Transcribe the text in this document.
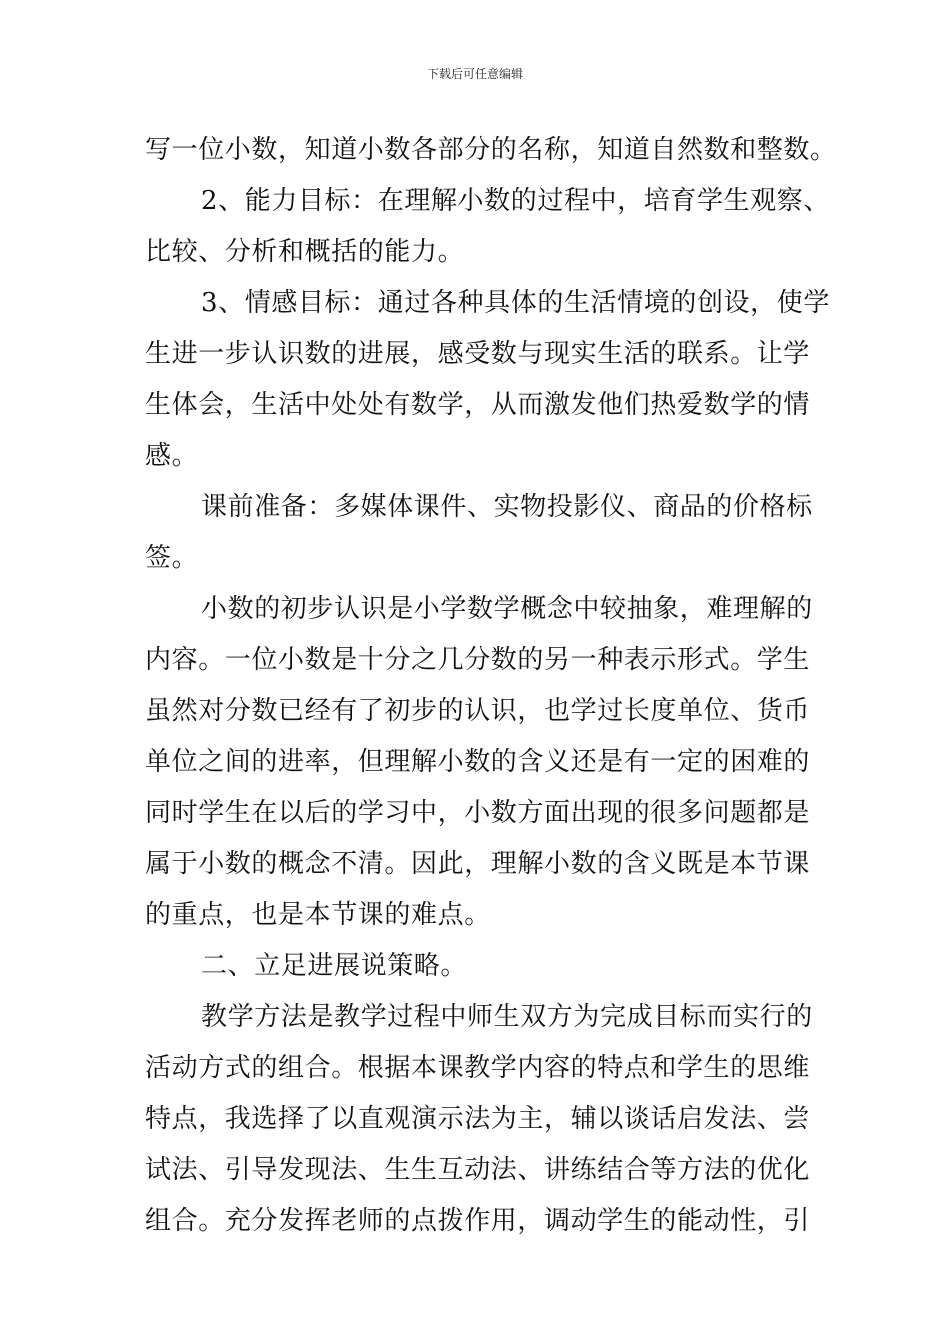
下载后可任意编辑
写一位小数，知道小数各部分的名称，知道自然数和整数。
2、能力目标：在理解小数的过程中，培育学生观察、
比较、分析和概括的能力。
3、情感目标：通过各种具体的生活情境的创设，使学
生进一步认识数的进展，感受数与现实生活的联系。让学
生体会，生活中处处有数学，从而激发他们热爱数学的情
感。
课前准备：多媒体课件、实物投影仪、商品的价格标
签。
小数的初步认识是小学数学概念中较抽象，难理解的
内容。一位小数是十分之几分数的另一种表示形式。学生
虽然对分数已经有了初步的认识，也学过长度单位、货币
单位之间的进率，但理解小数的含义还是有一定的困难的
同时学生在以后的学习中，小数方面出现的很多问题都是
属于小数的概念不清。因此，理解小数的含义既是本节课
的重点，也是本节课的难点。
二、立足进展说策略。
教学方法是教学过程中师生双方为完成目标而实行的
活动方式的组合。根据本课教学内容的特点和学生的思维
特点，我选择了以直观演示法为主，辅以谈话启发法、尝
试法、引导发现法、生生互动法、讲练结合等方法的优化
组合。充分发挥老师的点拨作用，调动学生的能动性，引
